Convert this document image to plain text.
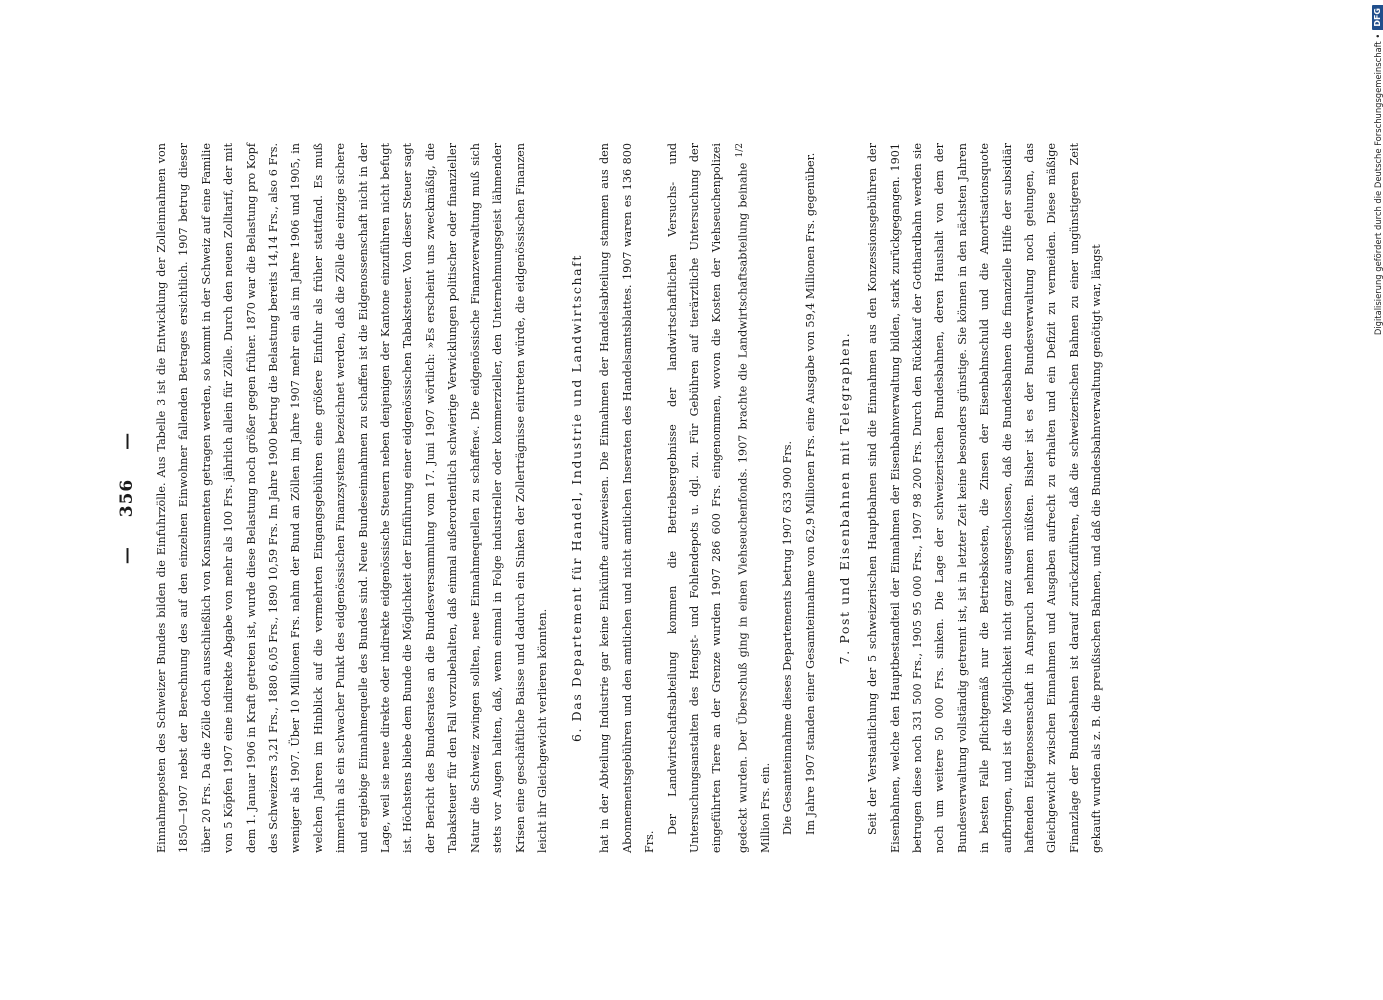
— 356 —	Einnahmeposten des Schweizer Bundes bilden die Einfuhrzölle. Aus Tabelle 3 ist die Entwicklung der Zolleinnahmen von 1850—1907 nebst der Berechnung des auf den einzelnen Einwohner fallenden Betrages ersichtlich. 1907 betrug dieser über 20 Frs. Da die Zölle doch ausschließlich von Konsumenten getragen werden, so kommt in der Schweiz auf eine Familie von 5 Köpfen 1907 eine indirekte Abgabe von mehr als 100 Frs. jährlich allein für Zölle. Durch den neuen Zolltarif, der mit dem 1. Januar 1906 in Kraft getreten ist, wurde diese Belastung noch größer gegen früher. 1870 war die Belastung pro Kopf des Schweizers 3,21 Frs., 1880 6,05 Frs., 1890 10,59 Frs. Im Jahre 1900 betrug die Belastung bereits 14,14 Frs., also 6 Frs. weniger als 1907. Über 10 Millionen Frs. nahm der Bund an Zöllen im Jahre 1907 mehr ein als im Jahre 1906 und 1905, in welchen Jahren im Hinblick auf die vermehrten Eingangsgebühren eine größere Einfuhr als früher stattfand. Es muß immerhin als ein schwacher Punkt des eidgenössischen Finanzsystems bezeichnet werden, daß die Zölle die einzige sichere und ergiebige Einnahmequelle des Bundes sind. Neue Bundeseinnahmen zu schaffen ist die Eidgenossenschaft nicht in der Lage, weil sie neue direkte oder indirekte eidgenössische Steuern neben denjenigen der Kantone einzuführen nicht befugt ist. Höchstens bliebe dem Bunde die Möglichkeit der Einführung einer eidgenössischen Tabaksteuer. Von dieser Steuer sagt der Bericht des Bundesrates an die Bundesversammlung vom 17. Juni 1907 wörtlich: »Es erscheint uns zweckmäßig, die Tabaksteuer für den Fall vorzubehalten, daß einmal außerordentlich schwierige Verwicklungen politischer oder finanzieller Natur die Schweiz zwingen sollten, neue Einnahmequellen zu schaffen«. Die eidgenössische Finanzverwaltung muß sich stets vor Augen halten, daß, wenn einmal in Folge industrieller oder kommerzieller, den Unternehmungsgeist lähmender Krisen eine geschäftliche Baisse und dadurch ein Sinken der Zollerträgnisse eintreten würde, die eidgenössischen Finanzen leicht ihr Gleichgewicht verlieren könnten.	6. Das Departement für Handel, Industrie und Landwirtschaft	hat in der Abteilung Industrie gar keine Einkünfte aufzuweisen. Die Einnahmen der Handelsabteilung stammen aus den Abonnementsgebühren und den amtlichen und nicht amtlichen Inseraten des Handelsamtsblattes. 1907 waren es 136 800 Frs.

Der Landwirtschaftsabteilung kommen die Betriebsergebnisse der landwirtschaftlichen Versuchs- und Untersuchungsanstalten des Hengst- und Fohlendepots u. dgl. zu. Für Gebühren auf tierärztliche Untersuchung der eingeführten Tiere an der Grenze wurden 1907 286 600 Frs. eingenommen, wovon die Kosten der Viehseuchenpolizei gedeckt wurden. Der Überschuß ging in einen Viehseuchenfonds. 1907 brachte die Landwirtschaftsabteilung beinahe $^{1/2}$ Million Frs. ein. Die Gesamteinnahme dieses Departements betrug 1907 633 900 Frs. Im Jahre 1907 standen einer Gesamteinnahme von 62,9 Millionen Frs. eine Ausgabe von 59,4 Millionen Frs. gegenüber.	7. Post und Eisenbahnen mit Telegraphen.	Seit der Verstaatlichung der 5 schweizerischen Hauptbahnen sind die Einnahmen aus den Konzessionsgebühren der Eisenbahnen, welche den Hauptbestandteil der Einnahmen der Eisenbahnverwaltung bilden, stark zurückgegangen. 1901 betrugen diese noch 331 500 Frs., 1905 95 000 Frs., 1907 98 200 Frs. Durch den Rückkauf der Gotthardbahn werden sie noch um weitere 50 000 Frs. sinken. Die Lage der schweizerischen Bundesbahnen, deren Haushalt von dem der Bundesverwaltung vollständig getrennt ist, ist in letzter Zeit keine besonders günstige. Sie können in den nächsten Jahren in besten Falle pflichtgemäß nur die Betriebskosten, die Zinsen der Eisenbahnschuld und die Amortisationsquote aufbringen, und ist die Möglichkeit nicht ganz ausgeschlossen, daß die Bundesbahnen die finanzielle Hilfe der subsidiär haftenden Eidgenossenschaft in Anspruch nehmen müßten. Bisher ist es der Bundesverwaltung noch gelungen, das Gleichgewicht zwischen Einnahmen und Ausgaben aufrecht zu erhalten und ein Defizit zu vermeiden. Diese mäßige Finanzlage der Bundesbahnen ist darauf zurückzuführen, daß die schweizerischen Bahnen zu einer ungünstigeren Zeit gekauft wurden als z. B. die preußischen Bahnen, und daß die Bundesbahnverwaltung genötigt war, längst

Digitalisierung gefördert durch die Deutsche Forschungsgemeinschaft •
DFG
